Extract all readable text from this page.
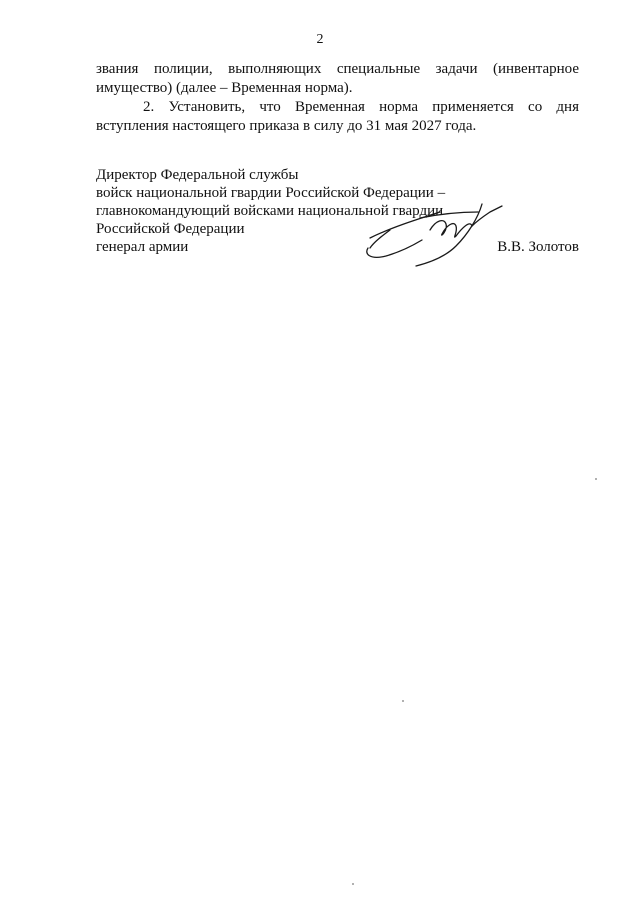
2
звания полиции, выполняющих специальные задачи (инвентарное
имущество) (далее – Временная норма).
2. Установить, что Временная норма применяется со дня
вступления настоящего приказа в силу до 31 мая 2027 года.
Директор Федеральной службы
войск национальной гвардии Российской Федерации –
главнокомандующий войсками национальной гвардии
Российской Федерации
генерал армии	В.В. Золотов
